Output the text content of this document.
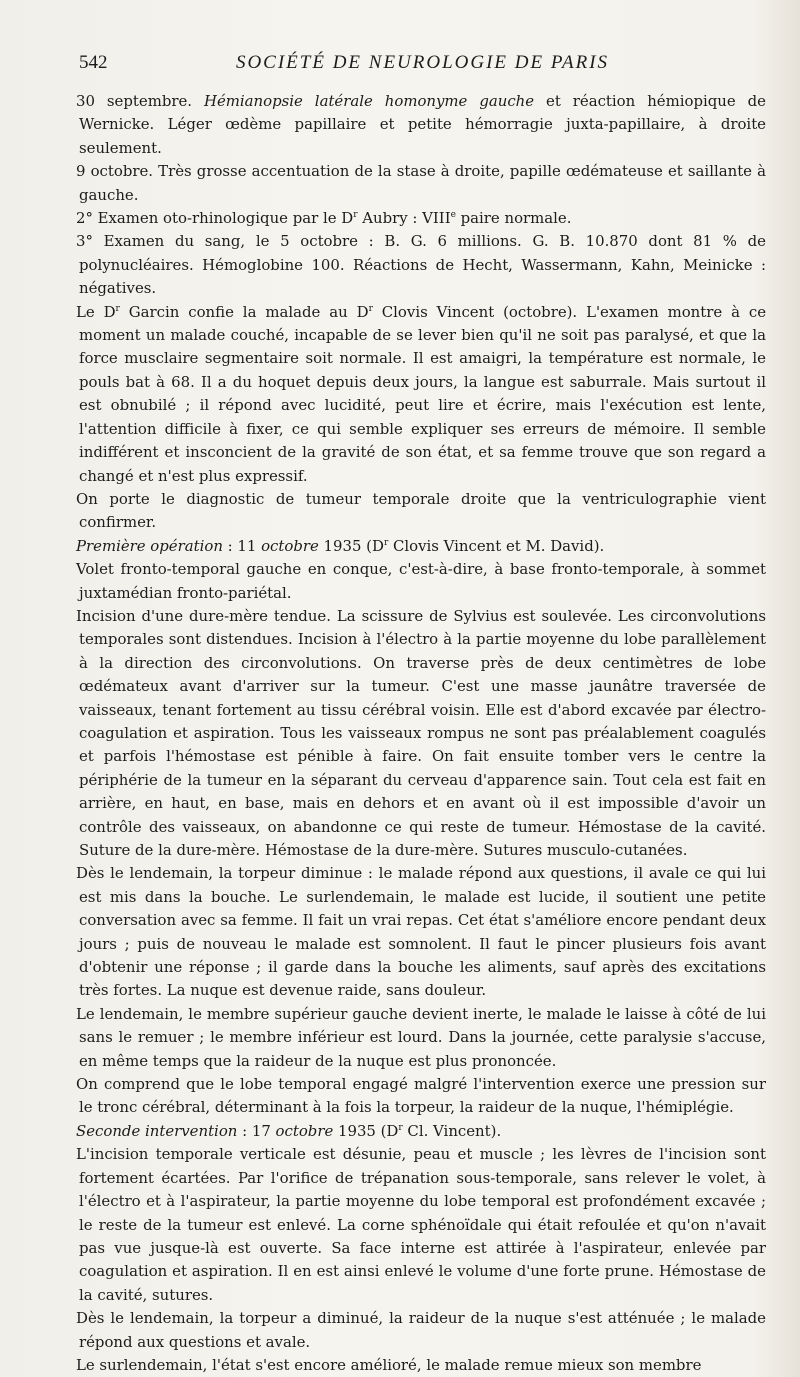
542	SOCIÉTÉ DE NEUROLOGIE DE PARIS

30 septembre. Hémianopsie latérale homonyme gauche et réaction hémiopique de Wernicke. Léger œdème papillaire et petite hémorragie juxta-papillaire, à droite seulement.

9 octobre. Très grosse accentuation de la stase à droite, papille œdémateuse et saillante à gauche.

2° Examen oto-rhinologique par le $D^r$ Aubry : VIIIe paire normale.

3° Examen du sang, le 5 octobre : B. G. 6 millions. G. B. 10.870 dont 81 % de polynucléaires. Hémoglobine 100. Réactions de Hecht, Wassermann, Kahn, Meinicke : négatives.

Le $D^r$ Garcin confie la malade au $D^r$ Clovis Vincent (octobre). L'examen montre à ce moment un malade couché, incapable de se lever bien qu'il ne soit pas paralysé, et que la force musclaire segmentaire soit normale. Il est amaigri, la température est normale, le pouls bat à 68. Il a du hoquet depuis deux jours, la langue est saburrale. Mais surtout il est obnubilé ; il répond avec lucidité, peut lire et écrire, mais l'exécution est lente, l'attention difficile à fixer, ce qui semble expliquer ses erreurs de mémoire. Il semble indifférent et insconcient de la gravité de son état, et sa femme trouve que son regard a changé et n'est plus expressif.

On porte le diagnostic de tumeur temporale droite que la ventriculographie vient confirmer.

Première opération : 11 octobre 1935 ($D^r$ Clovis Vincent et M. David).

Volet fronto-temporal gauche en conque, c'est-à-dire, à base fronto-temporale, à sommet juxtamédian fronto-pariétal.

Incision d'une dure-mère tendue. La scissure de Sylvius est soulevée. Les circonvolutions temporales sont distendues. Incision à l'électro à la partie moyenne du lobe parallèlement à la direction des circonvolutions. On traverse près de deux centimètres de lobe œdémateux avant d'arriver sur la tumeur. C'est une masse jaunâtre traversée de vaisseaux, tenant fortement au tissu cérébral voisin. Elle est d'abord excavée par électro-coagulation et aspiration. Tous les vaisseaux rompus ne sont pas préalablement coagulés et parfois l'hémostase est pénible à faire. On fait ensuite tomber vers le centre la périphérie de la tumeur en la séparant du cerveau d'apparence sain. Tout cela est fait en arrière, en haut, en base, mais en dehors et en avant où il est impossible d'avoir un contrôle des vaisseaux, on abandonne ce qui reste de tumeur. Hémostase de la cavité. Suture de la dure-mère. Hémostase de la dure-mère. Sutures musculo-cutanées.

Dès le lendemain, la torpeur diminue : le malade répond aux questions, il avale ce qui lui est mis dans la bouche. Le surlendemain, le malade est lucide, il soutient une petite conversation avec sa femme. Il fait un vrai repas. Cet état s'améliore encore pendant deux jours ; puis de nouveau le malade est somnolent. Il faut le pincer plusieurs fois avant d'obtenir une réponse ; il garde dans la bouche les aliments, sauf après des excitations très fortes. La nuque est devenue raide, sans douleur.

Le lendemain, le membre supérieur gauche devient inerte, le malade le laisse à côté de lui sans le remuer ; le membre inférieur est lourd. Dans la journée, cette paralysie s'accuse, en même temps que la raideur de la nuque est plus prononcée.

On comprend que le lobe temporal engagé malgré l'intervention exerce une pression sur le tronc cérébral, déterminant à la fois la torpeur, la raideur de la nuque, l'hémiplégie.

Seconde intervention : 17 octobre 1935 ($D^r$ Cl. Vincent).

L'incision temporale verticale est désunie, peau et muscle ; les lèvres de l'incision sont fortement écartées. Par l'orifice de trépanation sous-temporale, sans relever le volet, à l'électro et à l'aspirateur, la partie moyenne du lobe temporal est profondément excavée ; le reste de la tumeur est enlevé. La corne sphénoïdale qui était refoulée et qu'on n'avait pas vue jusque-là est ouverte. Sa face interne est attirée à l'aspirateur, enlevée par coagulation et aspiration. Il en est ainsi enlevé le volume d'une forte prune. Hémostase de la cavité, sutures.

Dès le lendemain, la torpeur a diminué, la raideur de la nuque s'est atténuée ; le malade répond aux questions et avale.

Le surlendemain, l'état s'est encore amélioré, le malade remue mieux son membre
